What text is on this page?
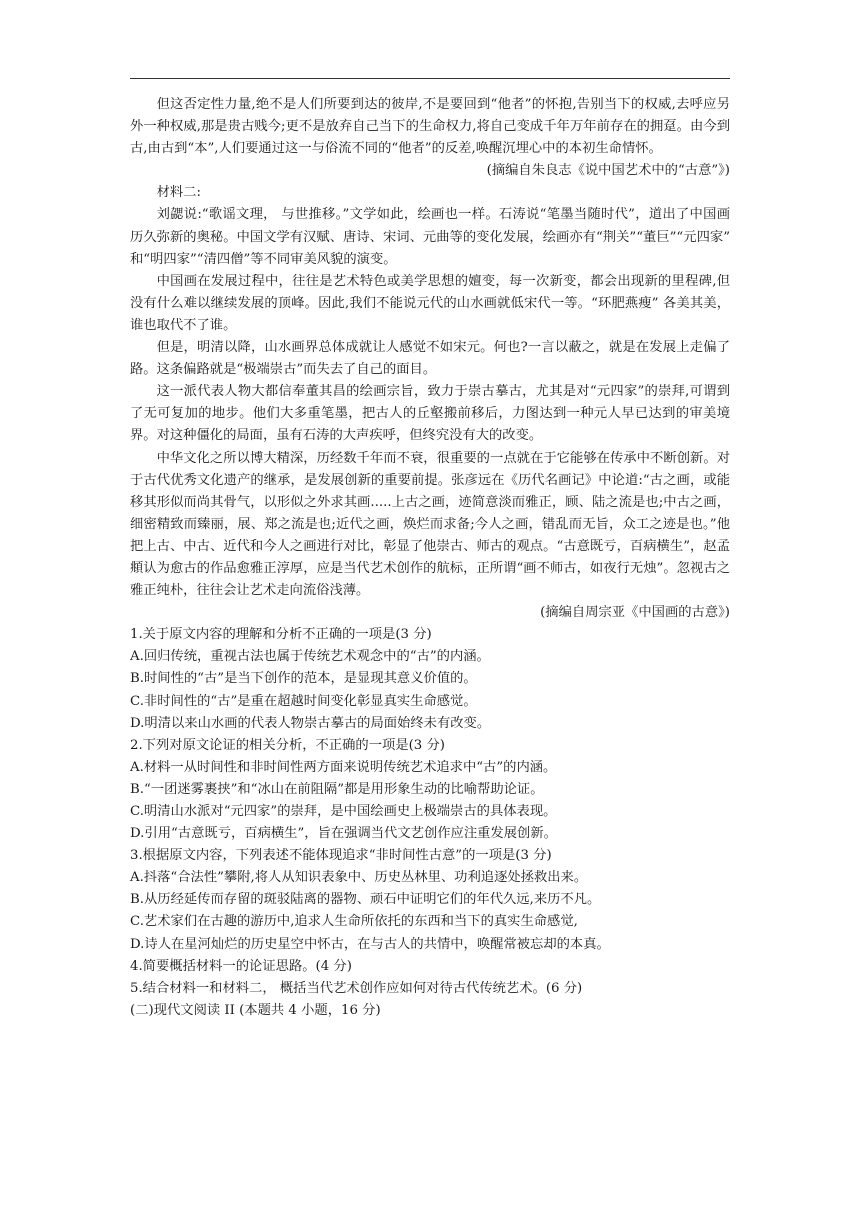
但这否定性力量,绝不是人们所要到达的彼岸,不是要回到“他者”的怀抱,告别当下的权威,去呼应另外一种权威,那是贵古贱今;更不是放弃自己当下的生命权力,将自己变成千年万年前存在的拥趸。由今到古,由古到“本”,人们要通过这一与俗流不同的“他者”的反差,唤醒沉埋心中的本初生命情怀。

(摘编自朱良志《说中国艺术中的“古意”》)

材料二:

刘勰说:“歌谣文理， 与世推移。”文学如此，绘画也一样。石涛说“笔墨当随时代”，道出了中国画历久弥新的奥秘。中国文学有汉赋、唐诗、宋词、元曲等的变化发展，绘画亦有“荆关”“董巨”“元四家” 和“明四家”“清四僧”等不同审美风貌的演变。

中国画在发展过程中，往往是艺术特色或美学思想的嬗变，每一次新变，都会出现新的里程碑,但没有什么难以继续发展的顶峰。因此,我们不能说元代的山水画就低宋代一等。“环肥燕瘦” 各美其美，谁也取代不了谁。

但是，明清以降，山水画界总体成就让人感觉不如宋元。何也?一言以蔽之，就是在发展上走偏了路。这条偏路就是“极端崇古”而失去了自己的面目。

这一派代表人物大都信奉董其昌的绘画宗旨，致力于崇古摹古，尤其是对“元四家”的崇拜,可谓到了无可复加的地步。他们大多重笔墨，把古人的丘壑搬前移后，力图达到一种元人早已达到的审美境界。对这种僵化的局面，虽有石涛的大声疾呼，但终究没有大的改变。

中华文化之所以博大精深，历经数千年而不衰，很重要的一点就在于它能够在传承中不断创新。对于古代优秀文化遗产的继承，是发展创新的重要前提。张彦远在《历代名画记》中论道:“古之画，或能移其形似而尚其骨气，以形似之外求其画.....上古之画，迹简意淡而雅正，顾、陆之流是也;中古之画，细密精致而臻丽，展、郑之流是也;近代之画，焕烂而求备;今人之画，错乱而无旨，众工之迹是也。”他把上古、中古、近代和今人之画进行对比，彰显了他崇古、师古的观点。“古意既亏，百病横生”，赵孟頫认为愈古的作品愈雅正淳厚，应是当代艺术创作的航标，正所谓“画不师古，如夜行无烛”。忽视古之雅正纯朴，往往会让艺术走向流俗浅薄。

(摘编自周宗亚《中国画的古意》)

1.关于原文内容的理解和分析不正确的一项是(3 分)

A.回归传统，重视古法也属于传统艺术观念中的“古”的内涵。

B.时间性的“古”是当下创作的范本，是显现其意义价值的。

C.非时间性的“古”是重在超越时间变化彰显真实生命感觉。

D.明清以来山水画的代表人物崇古摹古的局面始终未有改变。

2.下列对原文论证的相关分析，不正确的一项是(3 分)

A.材料一从时间性和非时间性两方面来说明传统艺术追求中“古”的内涵。

B.“一团迷雾裹挟”和“冰山在前阻隔”都是用形象生动的比喻帮助论证。

C.明清山水派对“元四家”的崇拜，是中国绘画史上极端崇古的具体表现。

D.引用“古意既亏，百病横生”，旨在强调当代文艺创作应注重发展创新。

3.根据原文内容，下列表述不能体现追求“非时间性古意”的一项是(3 分)

A.抖落“合法性”攀附,将人从知识表象中、历史丛林里、功利追逐处拯救出来。

B.从历经延传而存留的斑驳陆离的器物、顽石中证明它们的年代久远,来历不凡。

C.艺术家们在古趣的游历中,追求人生命所依托的东西和当下的真实生命感觉,

D.诗人在星河灿烂的历史星空中怀古，在与古人的共情中，唤醒常被忘却的本真。

4.简要概括材料一的论证思路。(4 分)

5.结合材料一和材料二， 概括当代艺术创作应如何对待古代传统艺术。(6 分)

(二)现代文阅读 II (本题共 4 小题，16 分)
